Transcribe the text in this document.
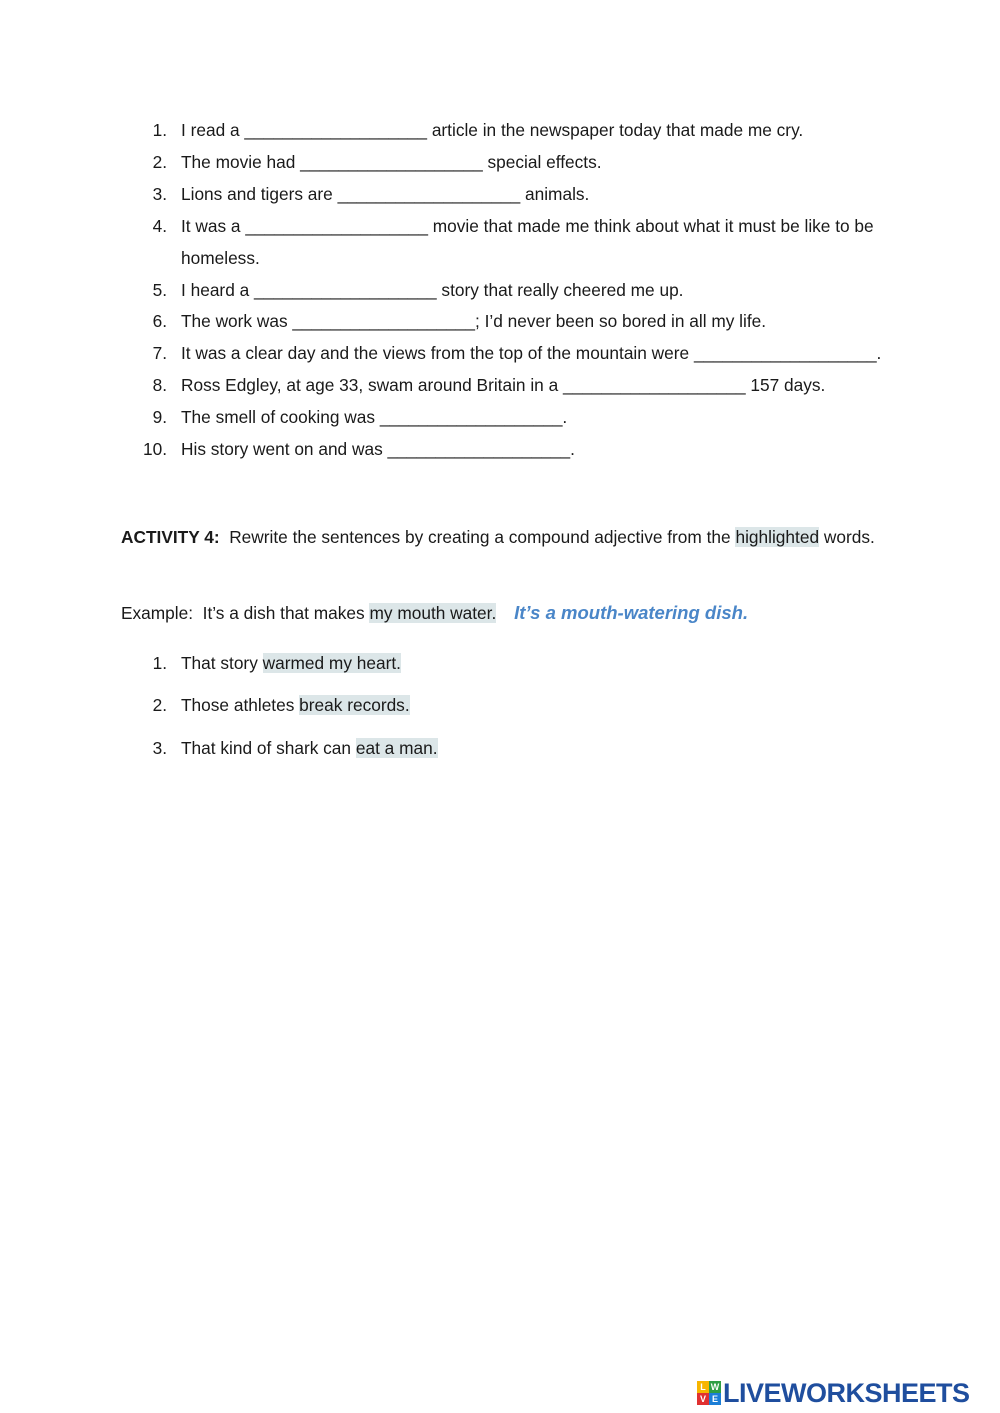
1. I read a ___________________ article in the newspaper today that made me cry.
2. The movie had ___________________ special effects.
3. Lions and tigers are ___________________ animals.
4. It was a ___________________ movie that made me think about what it must be like to be homeless.
5. I heard a ___________________ story that really cheered me up.
6. The work was ___________________; I’d never been so bored in all my life.
7. It was a clear day and the views from the top of the mountain were ___________________.
8. Ross Edgley, at age 33, swam around Britain in a ___________________ 157 days.
9. The smell of cooking was ___________________.
10. His story went on and was ___________________.
ACTIVITY 4: Rewrite the sentences by creating a compound adjective from the highlighted words.
Example: It’s a dish that makes my mouth water. It’s a mouth-watering dish.
1. That story warmed my heart.
2. Those athletes break records.
3. That kind of shark can eat a man.
L W
V E LIVEWORKSHEETS
